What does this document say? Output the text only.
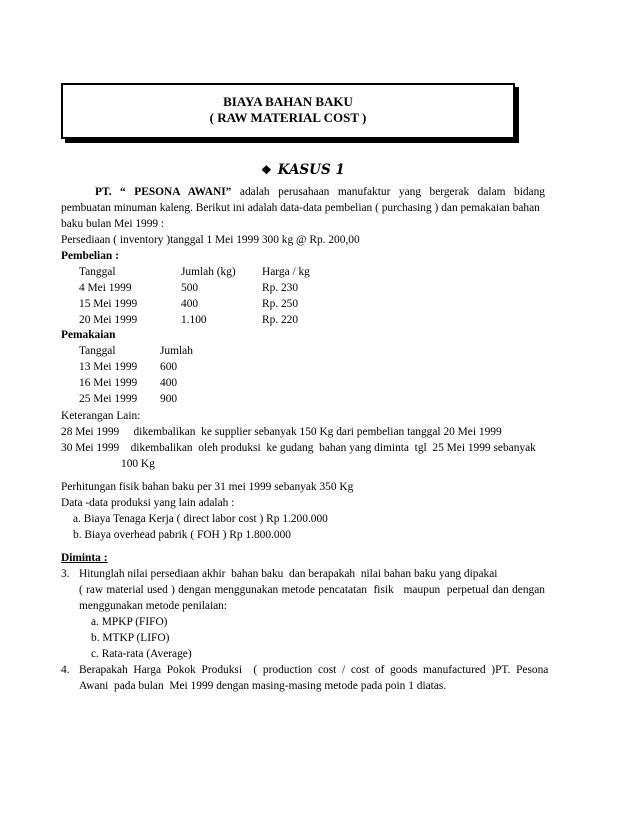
BIAYA BAHAN BAKU
( RAW MATERIAL COST )
❖ KASUS 1
PT. “ PESONA AWANI” adalah perusahaan manufaktur yang bergerak dalam bidang
pembuatan minuman kaleng. Berikut ini adalah data-data pembelian ( purchasing ) dan pemakaian bahan
baku bulan Mei 1999 :
Persediaan ( inventory )tanggal 1 Mei 1999 300 kg @ Rp. 200,00
Pembelian :
Tanggal	Jumlah (kg) Harga / kg
4 Mei 1999	500	Rp. 230
15 Mei 1999	400	Rp. 250
20 Mei 1999	1.100	Rp. 220
Pemakaian
Tanggal	Jumlah
13 Mei 1999 600
16 Mei 1999 400
25 Mei 1999 900
Keterangan Lain:
28 Mei 1999     dikembalikan  ke supplier sebanyak 150 Kg dari pembelian tanggal 20 Mei 1999
30 Mei 1999    dikembalikan  oleh produksi  ke gudang  bahan yang diminta  tgl  25 Mei 1999 sebanyak
100 Kg
Perhitungan fisik bahan baku per 31 mei 1999 sebanyak 350 Kg
Data -data produksi yang lain adalah :
a. Biaya Tenaga Kerja ( direct labor cost ) Rp 1.200.000
b. Biaya overhead pabrik ( FOH ) Rp 1.800.000
Diminta :
3. Hitunglah nilai persediaan akhir  bahan baku  dan berapakah  nilai bahan baku yang dipakai
( raw material used ) dengan menggunakan metode pencatatan  fisik   maupun  perpetual dan dengan
menggunakan metode penilaian:
a. MPKP (FIFO)
b. MTKP (LIFO)
c. Rata-rata (Average)
4. Berapakah  Harga  Pokok  Produksi    (  production  cost  /  cost  of  goods  manufactured  )PT.  Pesona
Awani  pada bulan  Mei 1999 dengan masing-masing metode pada poin 1 diatas.
